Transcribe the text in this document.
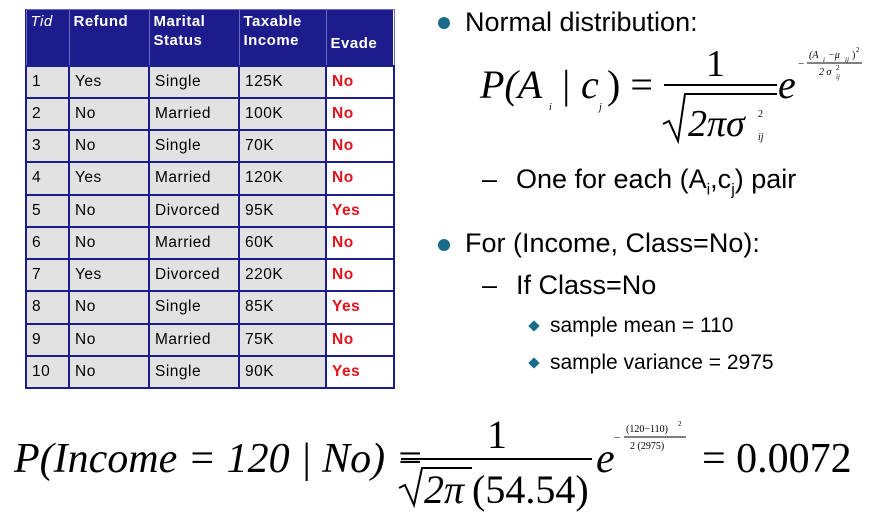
Tid	Refund	Marital Status	Taxable Income	Evade
1	Yes	Single	125K	No
2	No	Married	100K	No
3	No	Single	70K	No
4	Yes	Married	120K	No
5	No	Divorced	95K	Yes
6	No	Married	60K	No
7	Yes	Divorced	220K	No
8	No	Single	85K	Yes
9	No	Married	75K	No
10	No	Single	90K	Yes
Normal distribution:
P(A
i
| c
j
) = 1
2πσ 2
ij
e −
(A i −μ ij ) 2
2 σ 2
ij
– One for each $(A_i,c_j)$ pair
For (Income, Class=No):
– If Class=No
sample mean = 110
sample variance = 2975
P(Income = 120 | No) =
1
2π (54.54)
e −
(120−110) 2
2 (2975) = 0.0072
